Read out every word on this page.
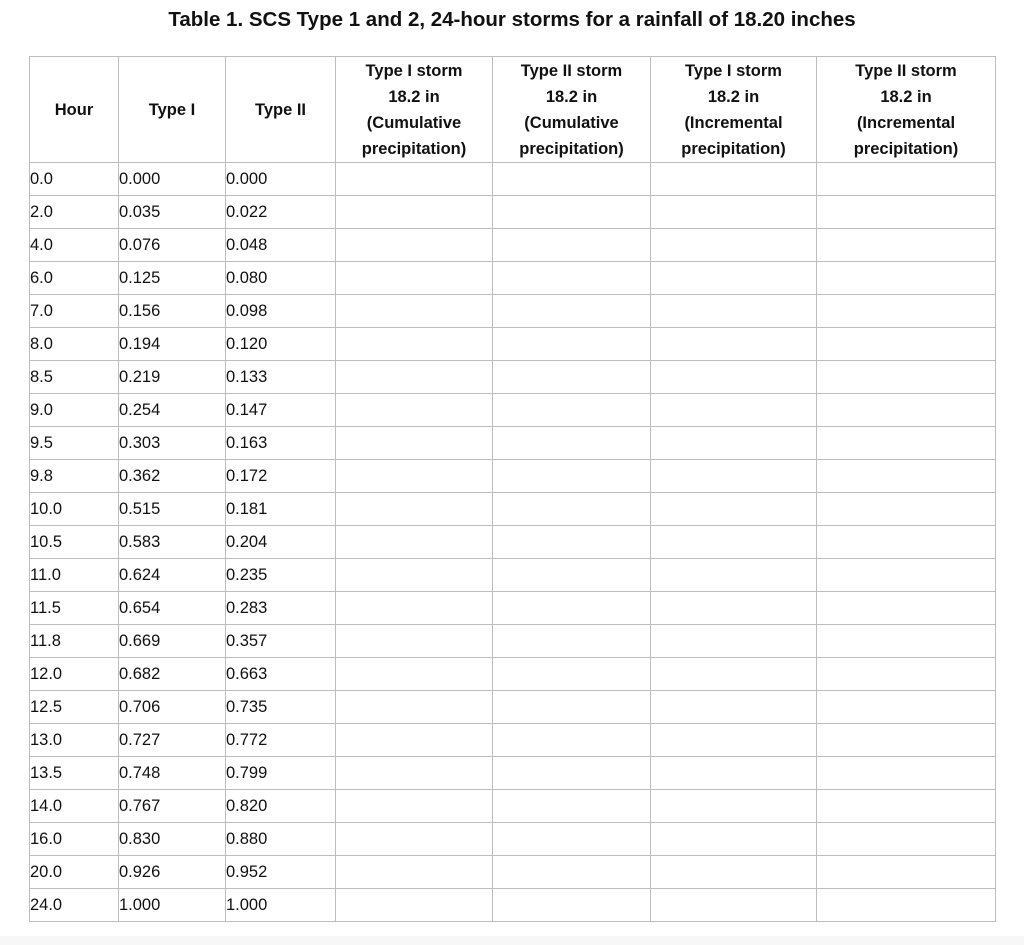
Table 1. SCS Type 1 and 2, 24-hour storms for a rainfall of 18.20 inches
Hour	Type I	Type II	Type I storm
18.2 in
(Cumulative
precipitation)	Type II storm
18.2 in
(Cumulative
precipitation)	Type I storm
18.2 in
(Incremental
precipitation)	Type II storm
18.2 in
(Incremental
precipitation)

0.0	0.000	0.000				
2.0	0.035	0.022				
4.0	0.076	0.048				
6.0	0.125	0.080				
7.0	0.156	0.098				
8.0	0.194	0.120				
8.5	0.219	0.133				
9.0	0.254	0.147				
9.5	0.303	0.163				
9.8	0.362	0.172				
10.0	0.515	0.181				
10.5	0.583	0.204				
11.0	0.624	0.235				
11.5	0.654	0.283				
11.8	0.669	0.357				
12.0	0.682	0.663				
12.5	0.706	0.735				
13.0	0.727	0.772				
13.5	0.748	0.799				
14.0	0.767	0.820				
16.0	0.830	0.880				
20.0	0.926	0.952				
24.0	1.000	1.000				
